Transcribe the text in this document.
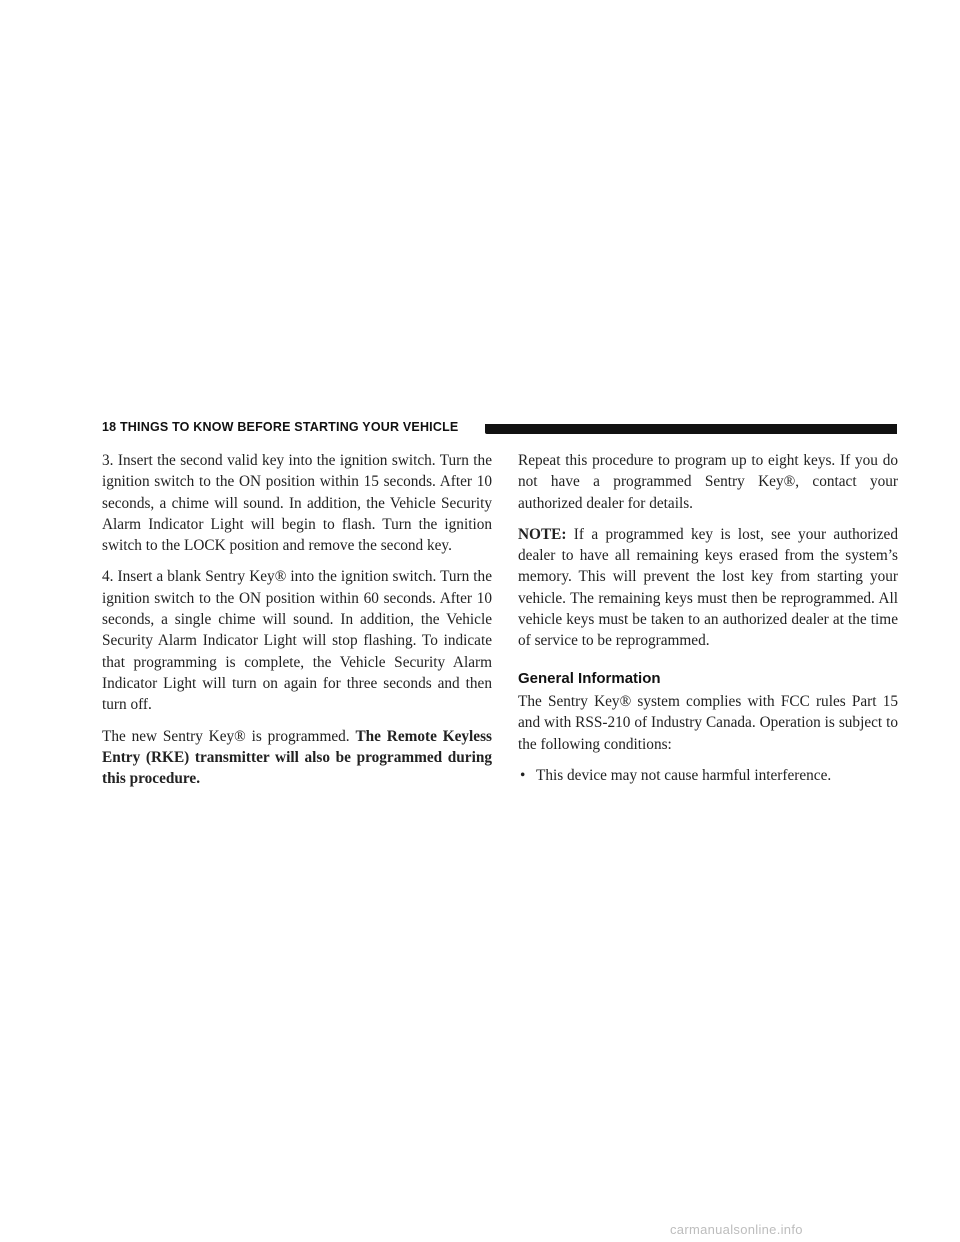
18 THINGS TO KNOW BEFORE STARTING YOUR VEHICLE

3. Insert the second valid key into the ignition switch. Turn the ignition switch to the ON position within 15 seconds. After 10 seconds, a chime will sound. In addition, the Vehicle Security Alarm Indicator Light will begin to flash. Turn the ignition switch to the LOCK position and remove the second key.

4. Insert a blank Sentry Key® into the ignition switch. Turn the ignition switch to the ON position within 60 seconds. After 10 seconds, a single chime will sound. In addition, the Vehicle Security Alarm Indicator Light will stop flashing. To indicate that programming is complete, the Vehicle Security Alarm Indicator Light will turn on again for three seconds and then turn off.

The new Sentry Key® is programmed. The Remote Keyless Entry (RKE) transmitter will also be programmed during this procedure.

Repeat this procedure to program up to eight keys. If you do not have a programmed Sentry Key®, contact your authorized dealer for details.

NOTE: If a programmed key is lost, see your authorized dealer to have all remaining keys erased from the system’s memory. This will prevent the lost key from starting your vehicle. The remaining keys must then be reprogrammed. All vehicle keys must be taken to an authorized dealer at the time of service to be reprogrammed.

General Information

The Sentry Key® system complies with FCC rules Part 15 and with RSS-210 of Industry Canada. Operation is subject to the following conditions:

• This device may not cause harmful interference.
carmanualsonline.info
